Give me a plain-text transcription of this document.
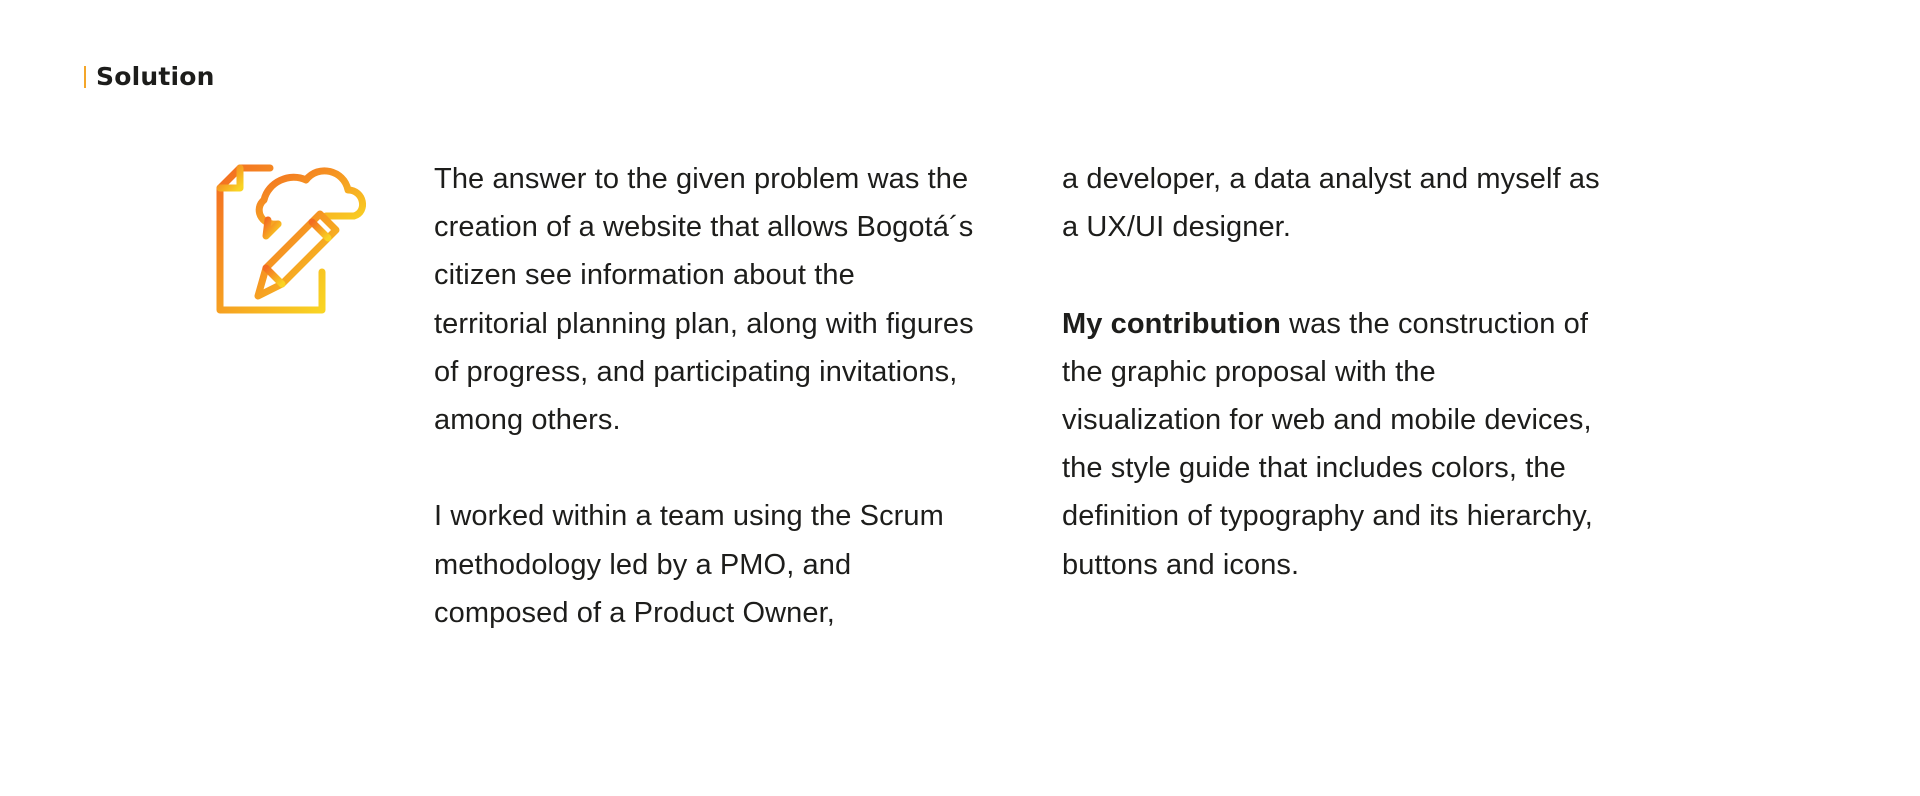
Solution

The answer to the given problem was the creation of a website that allows Bogotá´s citizen see information about the territorial planning plan, along with figures of progress, and participating invitations, among others.

I worked within a team using the Scrum methodology led by a PMO, and composed of a Product Owner,

a developer, a data analyst and myself as a UX/UI designer.

My contribution was the construction of the graphic proposal with the visualization for web and mobile devices, the style guide that includes colors, the definition of typography and its hierarchy, buttons and icons.
